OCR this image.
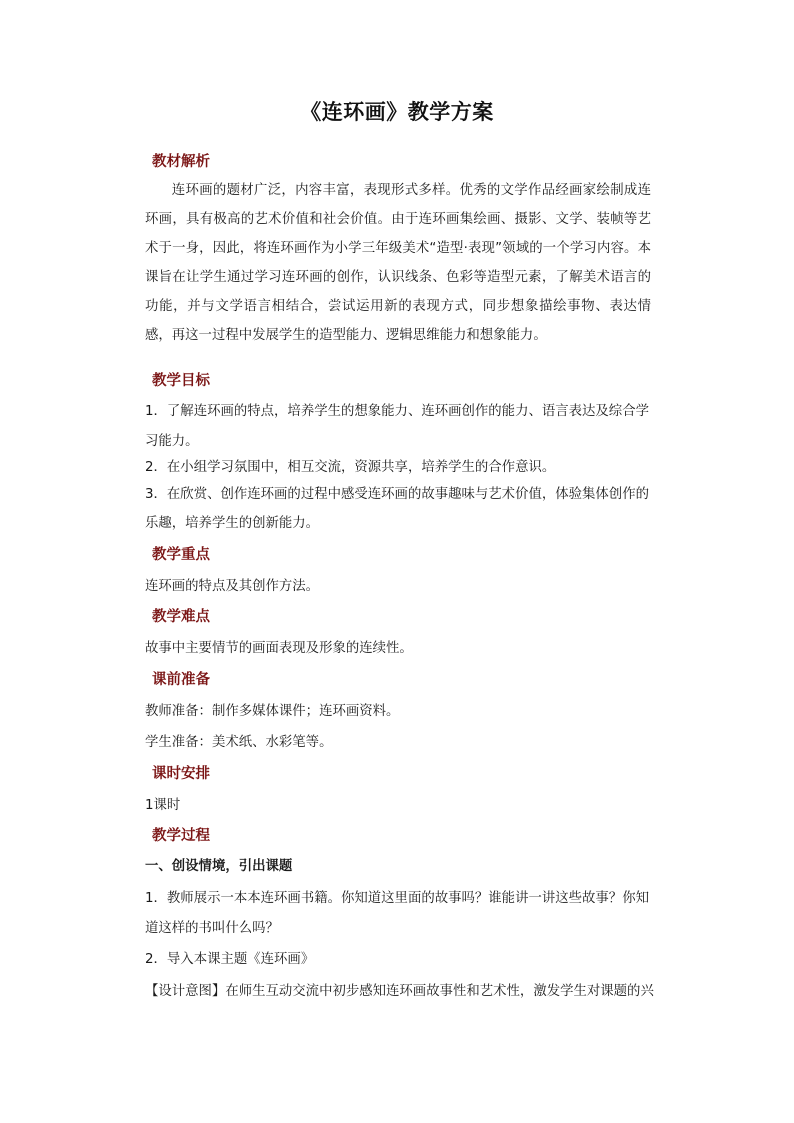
《连环画》教学方案
教材解析
连环画的题材广泛，内容丰富，表现形式多样。优秀的文学作品经画家绘制成连环画，具有极高的艺术价值和社会价值。由于连环画集绘画、摄影、文学、装帧等艺术于一身，因此，将连环画作为小学三年级美术“造型·表现”领域的一个学习内容。本课旨在让学生通过学习连环画的创作，认识线条、色彩等造型元素，了解美术语言的功能，并与文学语言相结合，尝试运用新的表现方式，同步想象描绘事物、表达情感，再这一过程中发展学生的造型能力、逻辑思维能力和想象能力。
教学目标
1．了解连环画的特点，培养学生的想象能力、连环画创作的能力、语言表达及综合学
习能力。
2．在小组学习氛围中，相互交流，资源共享，培养学生的合作意识。
3．在欣赏、创作连环画的过程中感受连环画的故事趣味与艺术价值，体验集体创作的
乐趣，培养学生的创新能力。
教学重点
连环画的特点及其创作方法。
教学难点
故事中主要情节的画面表现及形象的连续性。
课前准备
教师准备：制作多媒体课件；连环画资料。
学生准备：美术纸、水彩笔等。
课时安排
1课时
教学过程
一、创设情境，引出课题
1．教师展示一本本连环画书籍。你知道这里面的故事吗？谁能讲一讲这些故事？你知
道这样的书叫什么吗？
2．导入本课主题《连环画》
【设计意图】在师生互动交流中初步感知连环画故事性和艺术性，激发学生对课题的兴
